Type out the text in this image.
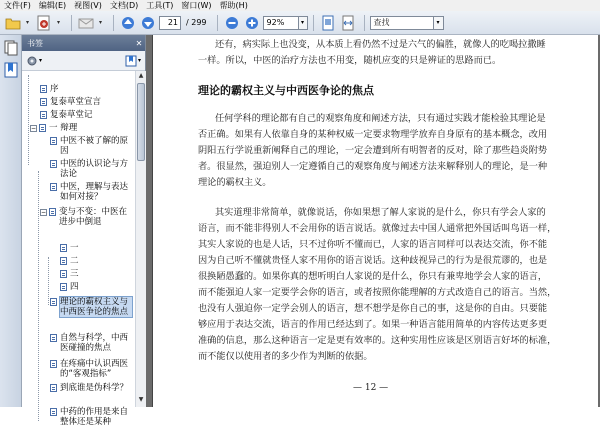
文件(F)	编辑(E)	视图(V)	文档(D)	工具(T)	窗口(W)	帮助(H)
▾	▾	▾	21	/ 299	92%	▾	查找	▾
书签	✕
▾	▾
序
复泰草堂宣言
复泰草堂记
− 一 辩理
中医不被了解的原因
中医的认识论与方法论
中医，理解与表达如何对接？
− 变与不变：中医在进步中倒退
一
二
三
四
理论的霸权主义与中西医争论的焦点
自然与科学，中西医碰撞的焦点
在疼痛中认识西医的“客观指标”
到底谁是伪科学？
中药的作用是来自整体还是某种
▲
▼
还有，病实际上也没变，从本质上看仍然不过是六气的偏胜，就像人的吃喝拉撒睡
一样。所以，中医的治疗方法也不用变，随机应变的只是辨证的思路而已。
理论的霸权主义与中西医争论的焦点
任何学科的理论都有自己的观察角度和阐述方法，只有通过实践才能检验其理论是
否正确。如果有人依靠自身的某种权威一定要求物理学放弃自身原有的基本概念，改用
阴阳五行学说重新阐释自己的理论，一定会遭到所有明智者的反对，除了那些趋炎附势
者。很显然，强迫别人一定遵循自己的观察角度与阐述方法来解释别人的理论，是一种
理论的霸权主义。
其实道理非常简单，就像说话，你如果想了解人家说的是什么，你只有学会人家的
语言，而不能非得别人不会用你的语言说话。就像过去中国人通常把外国话叫鸟语一样，
其实人家说的也是人话，只不过你听不懂而已，人家的语言同样可以表达交流，你不能
因为自己听不懂就贵怪人家不用你的语言说话。这种歧视异己的行为是很荒谬的，也是
很换陋愚蠢的。如果你真的想听明白人家说的是什么，你只有兼卑地学会人家的语言，
而不能强迫人家一定要学会你的语言，或者按照你能理解的方式改造自己的语言。当然，
也没有人强迫你一定学会别人的语言，想不想学是你自己的事，这是你的自由。只要能
够应用于表达交流，语言的作用已经达到了。如果一种语言能用简单的内容传达更多更
准确的信息，那么这种语言一定是更有效率的。这种实用性应该是区别语言好坏的标准，
而不能仅以使用者的多少作为判断的依据。
— 12 —
